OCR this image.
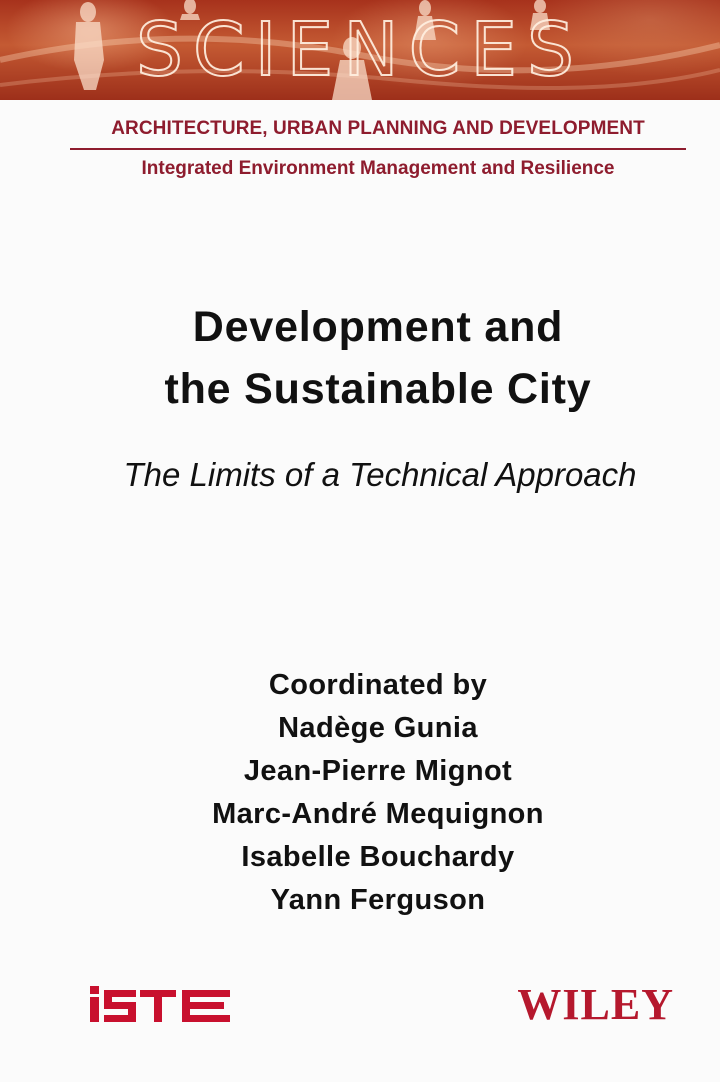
SCIENCES
ARCHITECTURE, URBAN PLANNING AND DEVELOPMENT
Integrated Environment Management and Resilience
Development and
the Sustainable City
The Limits of a Technical Approach
Coordinated by
Nadège Gunia
Jean-Pierre Mignot
Marc-André Mequignon
Isabelle Bouchardy
Yann Ferguson
WILEY
